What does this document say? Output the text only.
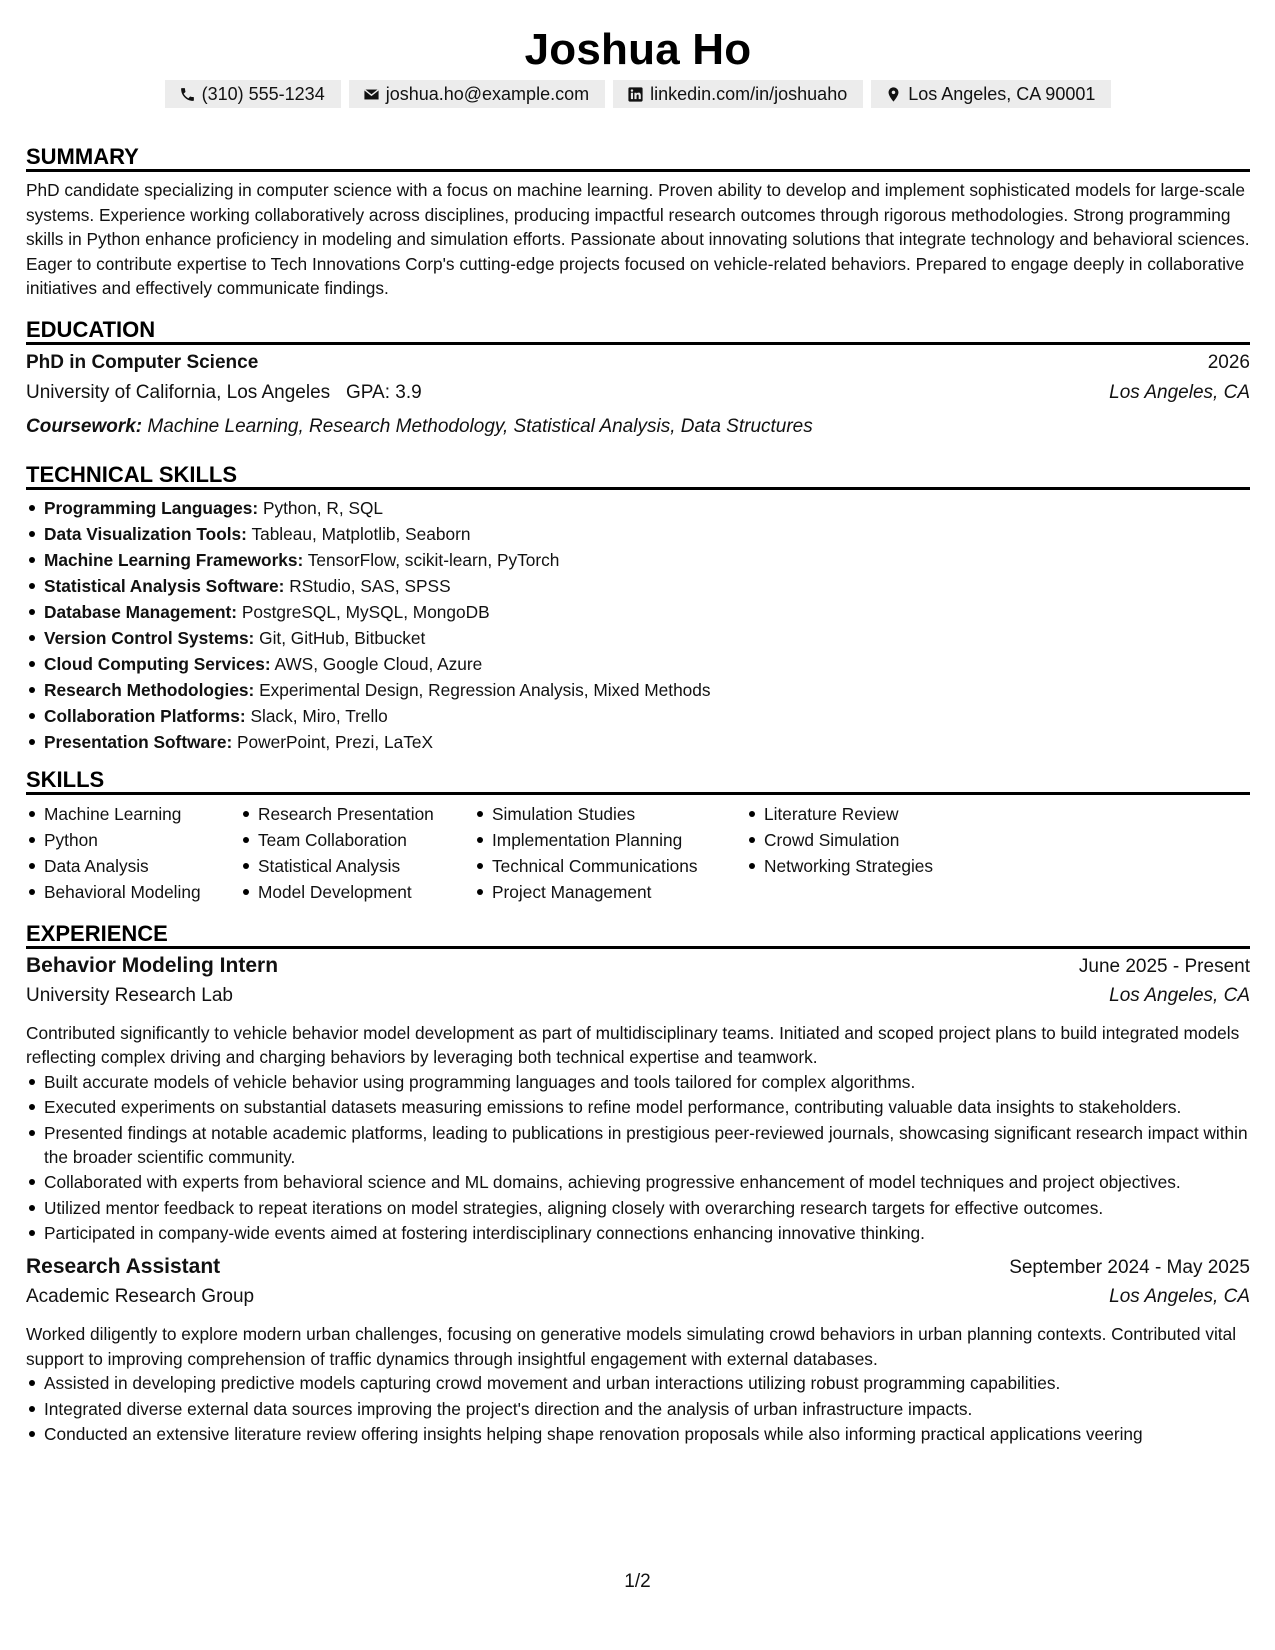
Joshua Ho
(310) 555-1234	joshua.ho@example.com	linkedin.com/in/joshuaho	Los Angeles, CA 90001
SUMMARY
PhD candidate specializing in computer science with a focus on machine learning. Proven ability to develop and implement sophisticated models for large-scale systems. Experience working collaboratively across disciplines, producing impactful research outcomes through rigorous methodologies. Strong programming skills in Python enhance proficiency in modeling and simulation efforts. Passionate about innovating solutions that integrate technology and behavioral sciences. Eager to contribute expertise to Tech Innovations Corp's cutting-edge projects focused on vehicle-related behaviors. Prepared to engage deeply in collaborative initiatives and effectively communicate findings.
EDUCATION
PhD in Computer Science	2026
University of California, Los Angeles GPA: 3.9	Los Angeles, CA
Coursework: Machine Learning, Research Methodology, Statistical Analysis, Data Structures
TECHNICAL SKILLS
Programming Languages: Python, R, SQL
Data Visualization Tools: Tableau, Matplotlib, Seaborn
Machine Learning Frameworks: TensorFlow, scikit-learn, PyTorch
Statistical Analysis Software: RStudio, SAS, SPSS
Database Management: PostgreSQL, MySQL, MongoDB
Version Control Systems: Git, GitHub, Bitbucket
Cloud Computing Services: AWS, Google Cloud, Azure
Research Methodologies: Experimental Design, Regression Analysis, Mixed Methods
Collaboration Platforms: Slack, Miro, Trello
Presentation Software: PowerPoint, Prezi, LaTeX
SKILLS
Machine Learning
Python
Data Analysis
Behavioral Modeling
Research Presentation
Team Collaboration
Statistical Analysis
Model Development
Simulation Studies
Implementation Planning
Technical Communications
Project Management
Literature Review
Crowd Simulation
Networking Strategies
EXPERIENCE
Behavior Modeling Intern	June 2025 - Present
University Research Lab	Los Angeles, CA
Contributed significantly to vehicle behavior model development as part of multidisciplinary teams. Initiated and scoped project plans to build integrated models reflecting complex driving and charging behaviors by leveraging both technical expertise and teamwork.
Built accurate models of vehicle behavior using programming languages and tools tailored for complex algorithms.
Executed experiments on substantial datasets measuring emissions to refine model performance, contributing valuable data insights to stakeholders.
Presented findings at notable academic platforms, leading to publications in prestigious peer-reviewed journals, showcasing significant research impact within the broader scientific community.
Collaborated with experts from behavioral science and ML domains, achieving progressive enhancement of model techniques and project objectives.
Utilized mentor feedback to repeat iterations on model strategies, aligning closely with overarching research targets for effective outcomes.
Participated in company-wide events aimed at fostering interdisciplinary connections enhancing innovative thinking.
Research Assistant	September 2024 - May 2025
Academic Research Group	Los Angeles, CA
Worked diligently to explore modern urban challenges, focusing on generative models simulating crowd behaviors in urban planning contexts. Contributed vital support to improving comprehension of traffic dynamics through insightful engagement with external databases.
Assisted in developing predictive models capturing crowd movement and urban interactions utilizing robust programming capabilities.
Integrated diverse external data sources improving the project's direction and the analysis of urban infrastructure impacts.
Conducted an extensive literature review offering insights helping shape renovation proposals while also informing practical applications veering
1/2
